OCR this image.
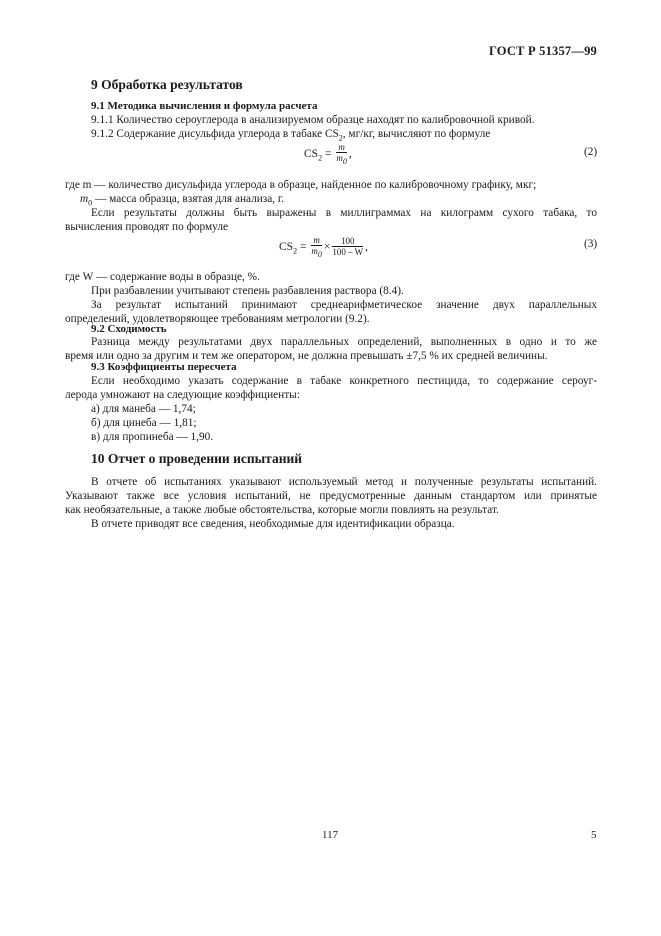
ГОСТ Р 51357—99
9 Обработка результатов
9.1 Методика вычисления и формула расчета
9.1.1 Количество сероуглерода в анализируемом образце находят по калибровочной кривой.
9.1.2 Содержание дисульфида углерода в табаке $CS_2$, мг/кг, вычисляют по формуле
$CS_2 = \frac{m}{m_0}$ ,	(2)
где m — количество дисульфида углерода в образце, найденное по калибровочному графику, мкг;
$m_0$ — масса образца, взятая для анализа, г.
Если результаты должны быть выражены в миллиграммах на килограмм сухого табака, то
вычисления проводят по формуле
$CS_2 = \frac{m}{m_0} \times \frac{100}{100 - W}$ ,	(3)
где W — содержание воды в образце, %.
При разбавлении учитывают степень разбавления раствора (8.4).
За результат испытаний принимают среднеарифметическое значение двух параллельных
определений, удовлетворяющее требованиям метрологии (9.2).
9.2 Сходимость
Разница между результатами двух параллельных определений, выполненных в одно и то же
время или одно за другим и тем же оператором, не должна превышать ±7,5 % их средней величины.
9.3 Коэффициенты пересчета
Если необходимо указать содержание в табаке конкретного пестицида, то содержание сероуг-
лерода умножают на следующие коэффициенты:
а) для манеба — 1,74;
б) для цинеба — 1,81;
в) для пропинеба — 1,90.
10 Отчет о проведении испытаний
В отчете об испытаниях указывают используемый метод и полученные результаты испытаний.
Указывают также все условия испытаний, не предусмотренные данным стандартом или принятые
как необязательные, а также любые обстоятельства, которые могли повлиять на результат.
В отчете приводят все сведения, необходимые для идентификации образца.
117	5
